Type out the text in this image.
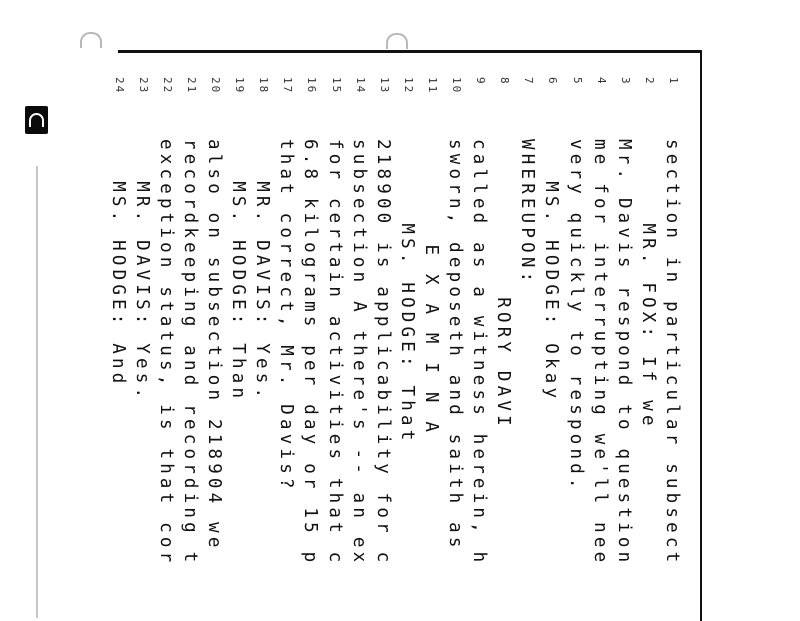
1
section in particular subsect
2
MR. FOX: If we
3
Mr. Davis respond to question
4
me for interrupting we'll nee
5
very quickly to respond.
6
MS. HODGE: Okay
7
WHEREUPON:
8
RORY DAVI
9
called as a witness herein, h
10
sworn, deposeth and saith as
11
E X A M I N A
12
MS. HODGE: That
13
218900 is applicability for c
14
subsection A there's -- an ex
15
for certain activities that c
16
6.8 kilograms per day or 15 p
17
that correct, Mr. Davis?
18
MR. DAVIS: Yes.
19
MS. HODGE: Than
20
also on subsection 218904 we
21
recordkeeping and recording t
22
exception status, is that cor
23
MR. DAVIS: Yes.
24
MS. HODGE: And
